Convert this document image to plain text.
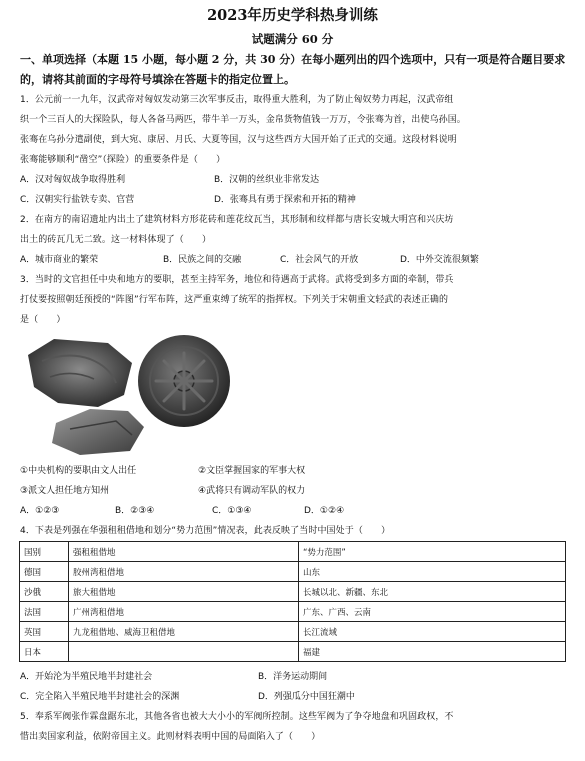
2023年历史学科热身训练
试题满分 60 分
一、单项选择（本题 15 小题，每小题 2 分，共 30 分）在每小题列出的四个选项中，只有一项是符合题目要求的，请将其前面的字母符号填涂在答题卡的指定位置上。
1．公元前一一九年，汉武帝对匈奴发动第三次军事反击，取得重大胜利，为了防止匈奴势力再起，汉武帝组
织一个三百人的大探险队，每人各备马两匹，带牛羊一万头，金帛货物值钱一万万，令张骞为首，出使乌孙国。
张骞在乌孙分遣副使，到大宛、康居、月氏、大夏等国，汉与这些西方大国开始了正式的交通。这段材料说明
张骞能够顺利“凿空”（探险）的重要条件是（　　）
A．汉对匈奴战争取得胜利	B．汉朝的丝织业非常发达
C．汉朝实行盐铁专卖、官营	D．张骞具有勇于探索和开拓的精神
2．在南方的南诏遗址内出土了建筑材料方形花砖和莲花纹瓦当，其形制和纹样都与唐长安城大明宫和兴庆坊
出土的砖瓦几无二致。这一材料体现了（　　）
A．城市商业的繁荣	B．民族之间的交融	C．社会风气的开放	D．中外交流很频繁
3．当时的文官担任中央和地方的要职，甚至主持军务，地位和待遇高于武将。武将受到多方面的牵制，带兵
打仗要按照朝廷预授的“阵图”行军布阵，这严重束缚了统军的指挥权。下列关于宋朝重文轻武的表述正确的
是（　　）
①中央机构的要职由文人出任	②文臣掌握国家的军事大权
③派文人担任地方知州	④武将只有调动军队的权力
A．①②③	B．②③④	C．①③④	D．①②④
4．下表是列强在华强租租借地和划分“势力范围”情况表，此表反映了当时中国处于（　　）
国别	强租租借地	“势力范围”
德国	胶州湾租借地	山东
沙俄	旅大租借地	长城以北、新疆、东北
法国	广州湾租借地	广东、广西、云南
英国	九龙租借地、威海卫租借地	长江流域
日本		福建
A．开始沦为半殖民地半封建社会	B．洋务运动期间
C．完全陷入半殖民地半封建社会的深渊	D．列强瓜分中国狂潮中
5．奉系军阀张作霖盘踞东北，其他各省也被大大小小的军阀所控制。这些军阀为了争夺地盘和巩固政权，不
惜出卖国家利益，依附帝国主义。此则材料表明中国的局面陷入了（　　）
